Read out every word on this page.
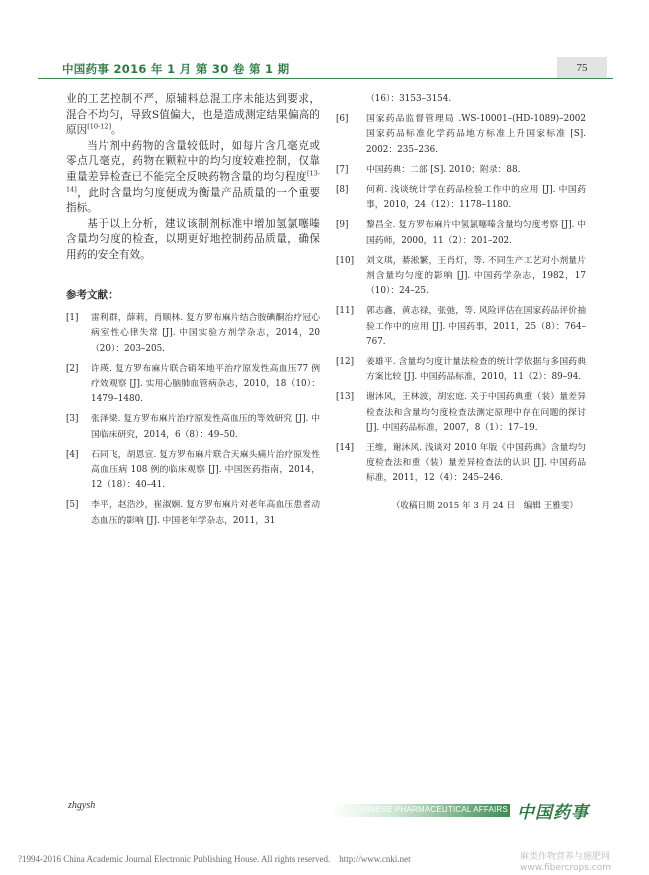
中国药事 2016 年 1 月 第 30 卷 第 1 期	75

业的工艺控制不严，原辅料总混工序未能达到要求，混合不均匀，导致S值偏大，也是造成测定结果偏高的原因[10-12]。

当片剂中药物的含量较低时，如每片含几毫克或零点几毫克，药物在颗粒中的均匀度较难控制，仅靠重量差异检查已不能完全反映药物含量的均匀程度[13-14]，此时含量均匀度便成为衡量产品质量的一个重要指标。

基于以上分析，建议该制剂标准中增加氢氯噻嗪含量均匀度的检查，以期更好地控制药品质量，确保用药的安全有效。

参考文献：
[1] 雷利群，薛莉，肖顺林. 复方罗布麻片结合胺碘酮治疗冠心病室性心律失常 [J]. 中国实验方剂学杂志，2014，20（20）：203–205.
[2] 许瑛. 复方罗布麻片联合硝苯地平治疗原发性高血压77 例疗效观察 [J]. 实用心脑肺血管病杂志，2010，18（10）：1479–1480.
[3] 张泽梁. 复方罗布麻片治疗原发性高血压的等效研究 [J]. 中国临床研究，2014，6（8）：49–50.
[4] 石同飞，胡恩宣. 复方罗布麻片联合天麻头痛片治疗原发性高血压病 108 例的临床观察 [J]. 中国医药指南，2014，12（18）：40–41.
[5] 李平，赵浩沙，崔淑娴. 复方罗布麻片对老年高血压患者动态血压的影响 [J]. 中国老年学杂志，2011，31
（16）：3153–3154.
[6] 国家药品监督管理局 .WS-10001–(HD-1089)–2002 国家药品标准化学药品地方标准上升国家标准 [S]. 2002：235–236.
[7] 中国药典：二部 [S]. 2010；附录：88.
[8] 何莉. 浅谈统计学在药品检验工作中的应用 [J]. 中国药事，2010，24（12）：1178–1180.
[9] 黎昌全. 复方罗布麻片中氢氯噻嗪含量均匀度考察 [J]. 中国药师，2000，11（2）：201–202.
[10] 刘文琪，綦淞繁，王肖灯，等. 不同生产工艺对小剂量片剂含量均匀度的影响 [J]. 中国药学杂志，1982，17（10）：24–25.
[11] 郭志鑫，黄志禄，张弛，等. 风险评估在国家药品评价抽验工作中的应用 [J]. 中国药事，2011，25（8）：764–767.
[12] 姜雄平. 含量均匀度计量法检查的统计学依据与多国药典方案比较 [J]. 中国药品标准，2010，11（2）：89–94.
[13] 谢沐风，王林波，胡宏庭. 关于中国药典重（装）量差异检查法和含量均匀度检查法测定原理中存在问题的探讨 [J]. 中国药品标准，2007，8（1）：17–19.
[14] 王维，谢沐风. 浅谈对 2010 年版《中国药典》含量均匀度检查法和重（装）量差异检查法的认识 [J]. 中国药品标准，2011，12（4）：245–246.
（收稿日期 2015 年 3 月 24 日　编辑 王雅雯）
zhgysh	CHINESE PHARMACEUTICAL AFFAIRS 中国药事
?1994-2016 China Academic Journal Electronic Publishing House. All rights reserved.　http://www.cnki.net	麻类作物营养与施肥网
www.fibercrops.com
